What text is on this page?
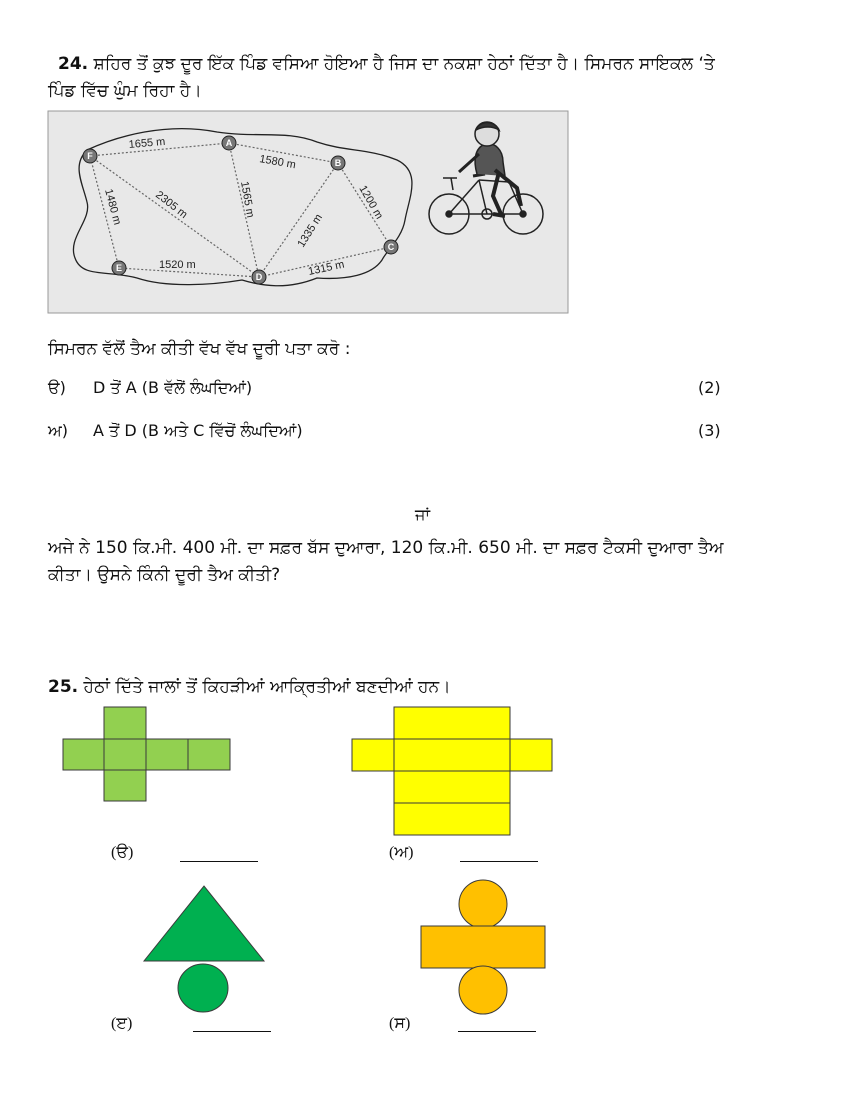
24. ਸ਼ਹਿਰ ਤੋਂ ਕੁਝ ਦੂਰ ਇੱਕ ਪਿੰਡ ਵਸਿਆ ਹੋਇਆ ਹੈ ਜਿਸ ਦਾ ਨਕਸ਼ਾ ਹੇਠਾਂ ਦਿੱਤਾ ਹੈ। ਸਿਮਰਨ ਸਾਇਕਲ ‘ਤੇ
ਪਿੰਡ ਵਿੱਚ ਘੁੰਮ ਰਿਹਾ ਹੈ।
1655 m
1580 m
1200 m
1315 m
1520 m
1480 m	2305 m	1565 m
1335 m
F
A
B
C
D
E
ਸਿਮਰਨ ਵੱਲੋਂ ਤੈਅ ਕੀਤੀ ਵੱਖ ਵੱਖ ਦੂਰੀ ਪਤਾ ਕਰੋ :
ੳ) D ਤੋਂ A (B ਵੱਲੋਂ ਲੰਘਦਿਆਂ)	(2)
ਅ) A ਤੋਂ D (B ਅਤੇ C ਵਿੱਚੋਂ ਲੰਘਦਿਆਂ)	(3)
ਜਾਂ
ਅਜੇ ਨੇ 150 ਕਿ.ਮੀ. 400 ਮੀ. ਦਾ ਸਫ਼ਰ ਬੱਸ ਦੁਆਰਾ, 120 ਕਿ.ਮੀ. 650 ਮੀ. ਦਾ ਸਫ਼ਰ ਟੈਕਸੀ ਦੁਆਰਾ ਤੈਅ
ਕੀਤਾ। ਉਸਨੇ ਕਿੰਨੀ ਦੂਰੀ ਤੈਅ ਕੀਤੀ?
25. ਹੇਠਾਂ ਦਿੱਤੇ ਜਾਲਾਂ ਤੋਂ ਕਿਹੜੀਆਂ ਆਕ੍ਰਿਤੀਆਂ ਬਣਦੀਆਂ ਹਨ।
(ੳ)	(ਅ)
(ੲ)	(ਸ)
